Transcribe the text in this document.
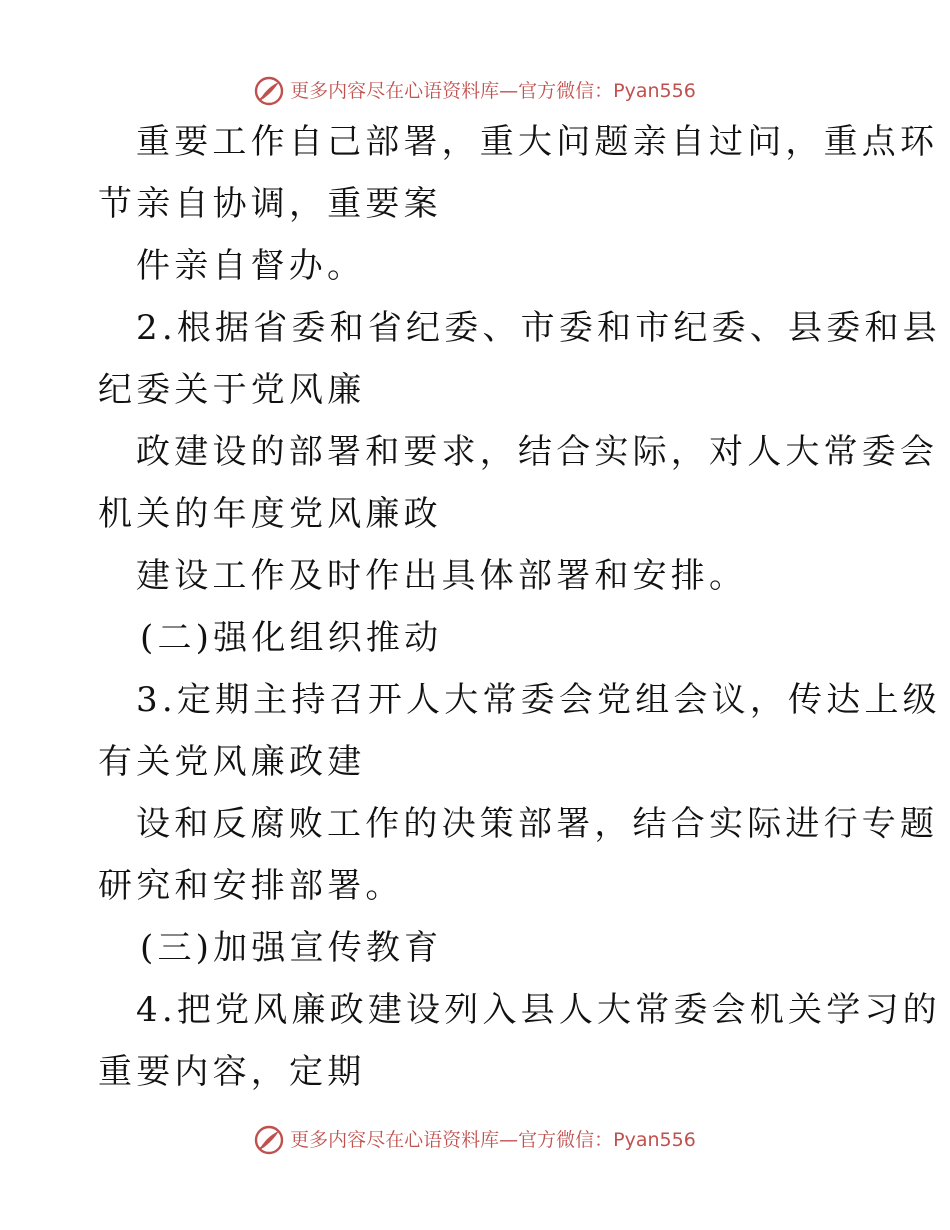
更多内容尽在心语资料库—官方微信：Pyan556
重要工作自己部署，重大问题亲自过问，重点环
节亲自协调，重要案
件亲自督办。
2.根据省委和省纪委、市委和市纪委、县委和县
纪委关于党风廉
政建设的部署和要求，结合实际，对人大常委会
机关的年度党风廉政
建设工作及时作出具体部署和安排。
(二)强化组织推动
3.定期主持召开人大常委会党组会议，传达上级
有关党风廉政建
设和反腐败工作的决策部署，结合实际进行专题
研究和安排部署。
(三)加强宣传教育
4.把党风廉政建设列入县人大常委会机关学习的
重要内容，定期
更多内容尽在心语资料库—官方微信：Pyan556
